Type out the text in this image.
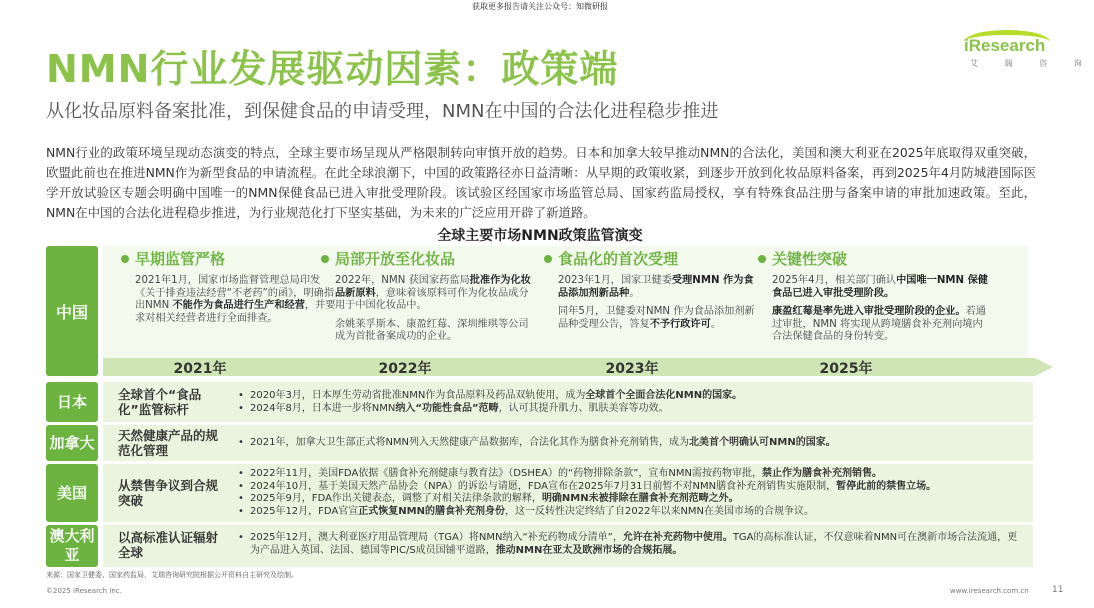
获取更多报告请关注公众号：知微研报
NMN行业发展驱动因素：政策端
从化妆品原料备案批准，到保健食品的申请受理，NMN在中国的合法化进程稳步推进
iResearch
艾 瑞 咨 询
NMN行业的政策环境呈现动态演变的特点，全球主要市场呈现从严格限制转向审慎开放的趋势。日本和加拿大较早推动NMN的合法化，美国和澳大利亚在2025年底取得双重突破，欧盟此前也在推进NMN作为新型食品的申请流程。在此全球浪潮下，中国的政策路径亦日益清晰：从早期的政策收紧，到逐步开放到化妆品原料备案，再到2025年4月防城港国际医学开放试验区专题会明确中国唯一的NMN保健食品已进入审批受理阶段。该试验区经国家市场监管总局、国家药监局授权，享有特殊食品注册与备案申请的审批加速政策。至此，NMN在中国的合法化进程稳步推进，为行业规范化打下坚实基础，为未来的广泛应用开辟了新道路。
全球主要市场NMN政策监管演变
中国
早期监管严格

2021年1月，国家市场监督管理总局印发《关于排查违法经营“不老药”的函》，明确指出NMN 不能作为食品进行生产和经营，并要求对相关经营者进行全面排查。

局部开放至化妆品

2022年，NMN 获国家药监局批准作为化妆品新原料，意味着该原料可作为化妆品成分用于中国化妆品中。

余姚莱孚斯本、康盈红莓、深圳维琪等公司成为首批备案成功的企业。

食品化的首次受理

2023年1月，国家卫健委受理NMN 作为食品添加剂新品种。

同年5月，卫健委对NMN 作为食品添加剂新品种受理公告，答复不予行政许可。

关键性突破

2025年4月，相关部门确认中国唯一NMN 保健食品已进入审批受理阶段。

康盈红莓是率先进入审批受理阶段的企业。若通过审批，NMN 将实现从跨境膳食补充剂向境内合法保健食品的身份转变。

2021年	2022年	2023年	2025年
日本	全球首个“食品化”监管标杆
• 2020年3月，日本厚生劳动省批准NMN作为食品原料及药品双轨使用，成为全球首个全面合法化NMN的国家。
• 2024年8月，日本进一步将NMN纳入“功能性食品”范畴，认可其提升肌力、肌肤美容等功效。
加拿大 天然健康产品的规范化管理
• 2021年，加拿大卫生部正式将NMN列入天然健康产品数据库，合法化其作为膳食补充剂销售，成为北美首个明确认可NMN的国家。
美国	从禁售争议到合规突破
• 2022年11月，美国FDA依据《膳食补充剂健康与教育法》（DSHEA）的“药物排除条款”，宣布NMN需按药物审批，禁止作为膳食补充剂销售。
• 2024年10月，基于美国天然产品协会（NPA）的诉讼与请愿，FDA宣布在2025年7月31日前暂不对NMN膳食补充剂销售实施限制，暂停此前的禁售立场。
• 2025年9月，FDA作出关键表态，调整了对相关法律条款的解释，明确NMN未被排除在膳食补充剂范畴之外。
• 2025年12月，FDA官宣正式恢复NMN的膳食补充剂身份，这一反转性决定终结了自2022年以来NMN在美国市场的合规争议。
澳大利亚
以高标准认证辐射全球
• 2025年12月，澳大利亚医疗用品管理局（TGA）将NMN纳入“补充药物成分清单”，允许在补充药物中使用。TGA的高标准认证，不仅意味着NMN可在澳新市场合法流通，更为产品进入英国、法国、德国等PIC/S成员国铺平道路，推动NMN在亚太及欧洲市场的合规拓展。
来源：国家卫健委、国家药监局，艾瑞咨询研究院根据公开资料自主研究及绘制。
©2025 iResearch Inc.	www.iresearch.com.cn	11
